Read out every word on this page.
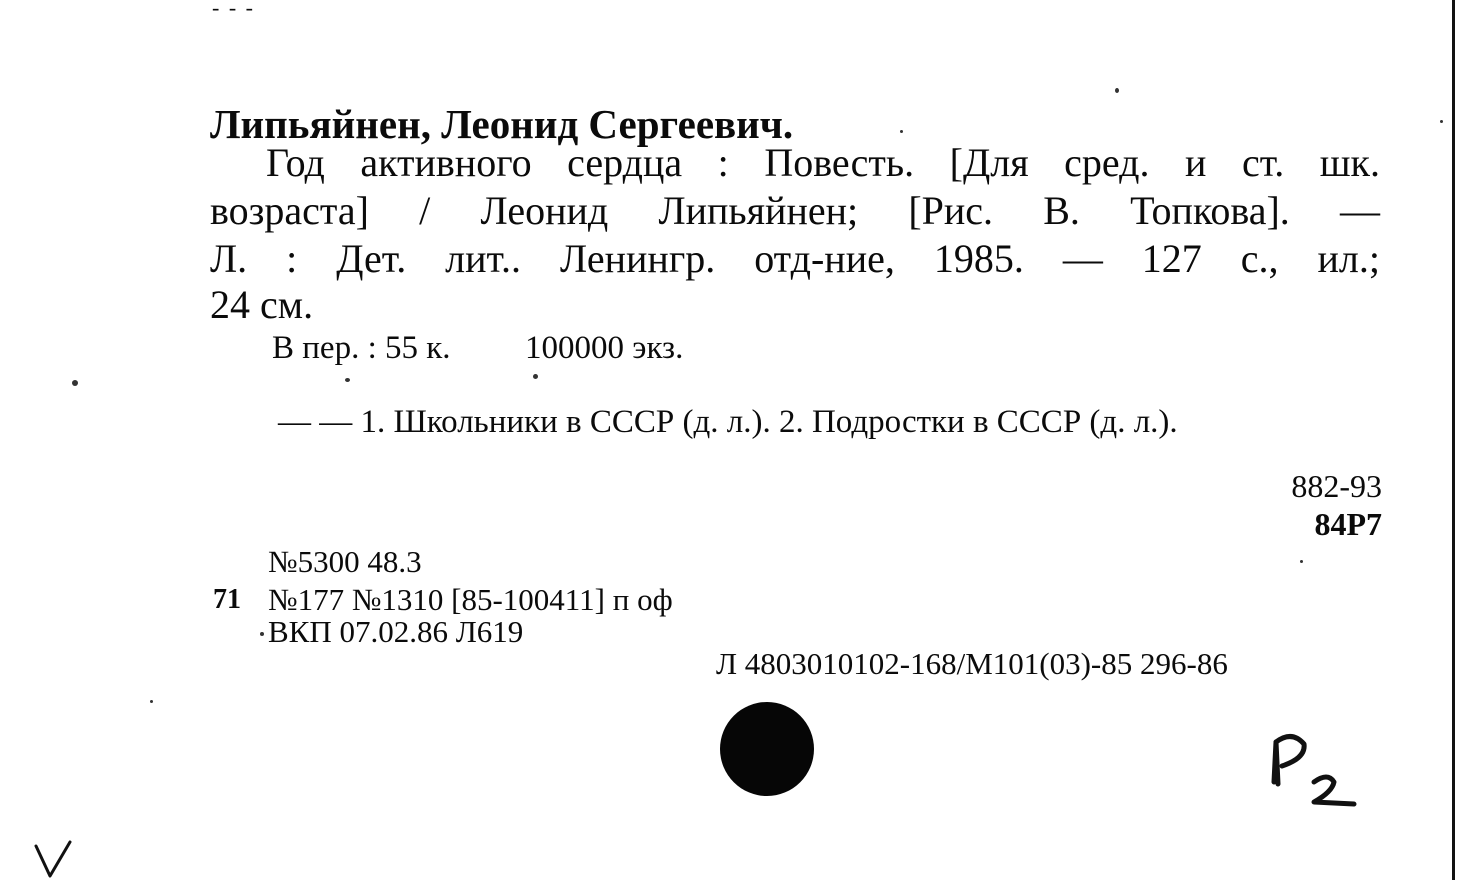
- - -
Липьяйнен, Леонид Сергеевич.
Год активного сердца : Повесть. [Для сред. и ст. шк.
возраста] / Леонид Липьяйнен; [Рис. В. Топкова]. —
Л. : Дет. лит.. Ленингр. отд-ние, 1985. — 127 с., ил.;
24 см.
В пер. : 55 к. 100000 экз.
— — 1. Школьники в СССР (д. л.). 2. Подростки в СССР (д. л.).
882-93
84Р7
№5300 48.3
71 №177 №1310 [85-100411] п оф
ВКП 07.02.86 Л619
Л 4803010102-168/М101(03)-85 296-86
